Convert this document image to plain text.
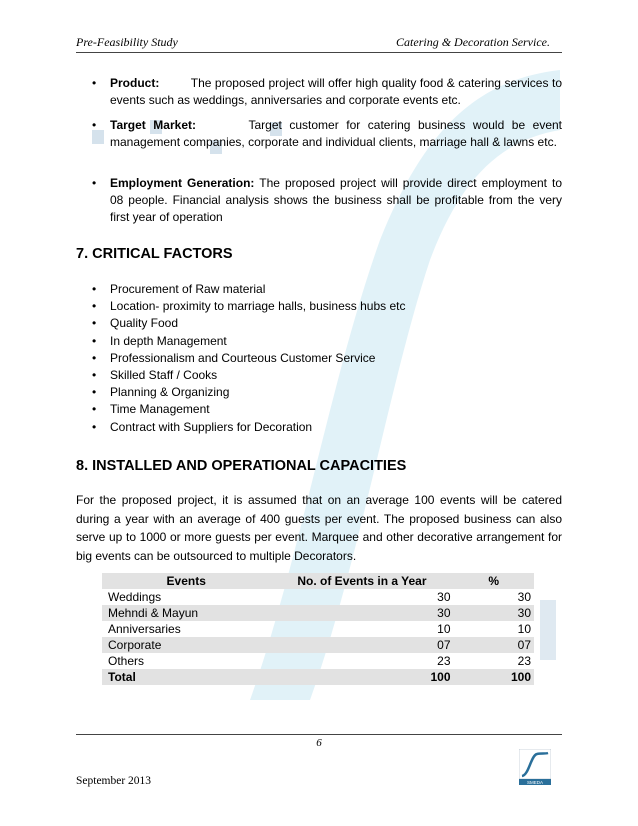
Pre-Feasibility Study	Catering & Decoration Service.
• Product:	The proposed project will offer high quality food & catering services to events such as weddings, anniversaries and corporate events etc.
• Target Market:	Target customer for catering business would be event management companies, corporate and individual clients, marriage hall & lawns etc.
• Employment Generation: The proposed project will provide direct employment to 08 people. Financial analysis shows the business shall be profitable from the very first year of operation
7. CRITICAL FACTORS
• Procurement of Raw material
• Location- proximity to marriage halls, business hubs etc
• Quality Food
• In depth Management
• Professionalism and Courteous Customer Service
• Skilled Staff / Cooks
• Planning & Organizing
• Time Management
• Contract with Suppliers for Decoration
8. INSTALLED AND OPERATIONAL CAPACITIES
For the proposed project, it is assumed that on an average 100 events will be catered during a year with an average of 400 guests per event. The proposed business can also serve up to 1000 or more guests per event. Marquee and other decorative arrangement for big events can be outsourced to multiple Decorators.
Events	No. of Events in a Year	%
Weddings	30	30
Mehndi & Mayun	30	30
Anniversaries	10	10
Corporate	07	07
Others	23	23
Total	100	100
6
September 2013	SMEDA
